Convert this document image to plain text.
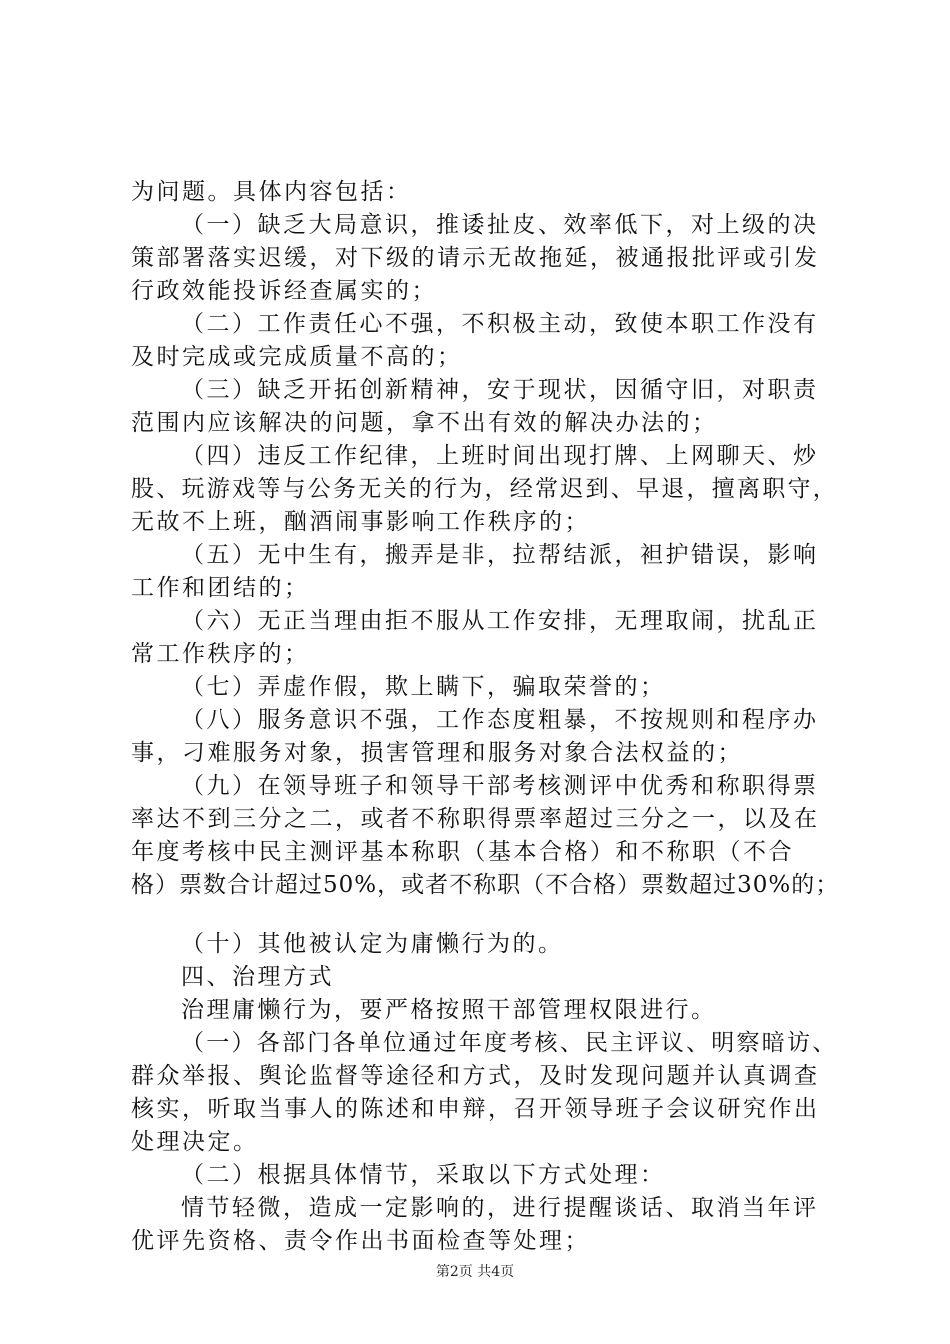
为问题。具体内容包括：
（一）缺乏大局意识，推诿扯皮、效率低下，对上级的决
策部署落实迟缓，对下级的请示无故拖延，被通报批评或引发
行政效能投诉经查属实的；
（二）工作责任心不强，不积极主动，致使本职工作没有
及时完成或完成质量不高的；
（三）缺乏开拓创新精神，安于现状，因循守旧，对职责
范围内应该解决的问题，拿不出有效的解决办法的；
（四）违反工作纪律，上班时间出现打牌、上网聊天、炒
股、玩游戏等与公务无关的行为，经常迟到、早退，擅离职守，
无故不上班，酗酒闹事影响工作秩序的；
（五）无中生有，搬弄是非，拉帮结派，袒护错误，影响
工作和团结的；
（六）无正当理由拒不服从工作安排，无理取闹，扰乱正
常工作秩序的；
（七）弄虚作假，欺上瞒下，骗取荣誉的；
（八）服务意识不强，工作态度粗暴，不按规则和程序办
事，刁难服务对象，损害管理和服务对象合法权益的；
（九）在领导班子和领导干部考核测评中优秀和称职得票
率达不到三分之二，或者不称职得票率超过三分之一，以及在
年度考核中民主测评基本称职（基本合格）和不称职（不合
格）票数合计超过50%，或者不称职（不合格）票数超过30%的；
（十）其他被认定为庸懒行为的。
四、治理方式
治理庸懒行为，要严格按照干部管理权限进行。
（一）各部门各单位通过年度考核、民主评议、明察暗访、
群众举报、舆论监督等途径和方式，及时发现问题并认真调查
核实，听取当事人的陈述和申辩，召开领导班子会议研究作出
处理决定。
（二）根据具体情节，采取以下方式处理：
情节轻微，造成一定影响的，进行提醒谈话、取消当年评
优评先资格、责令作出书面检查等处理；
第2页 共4页
